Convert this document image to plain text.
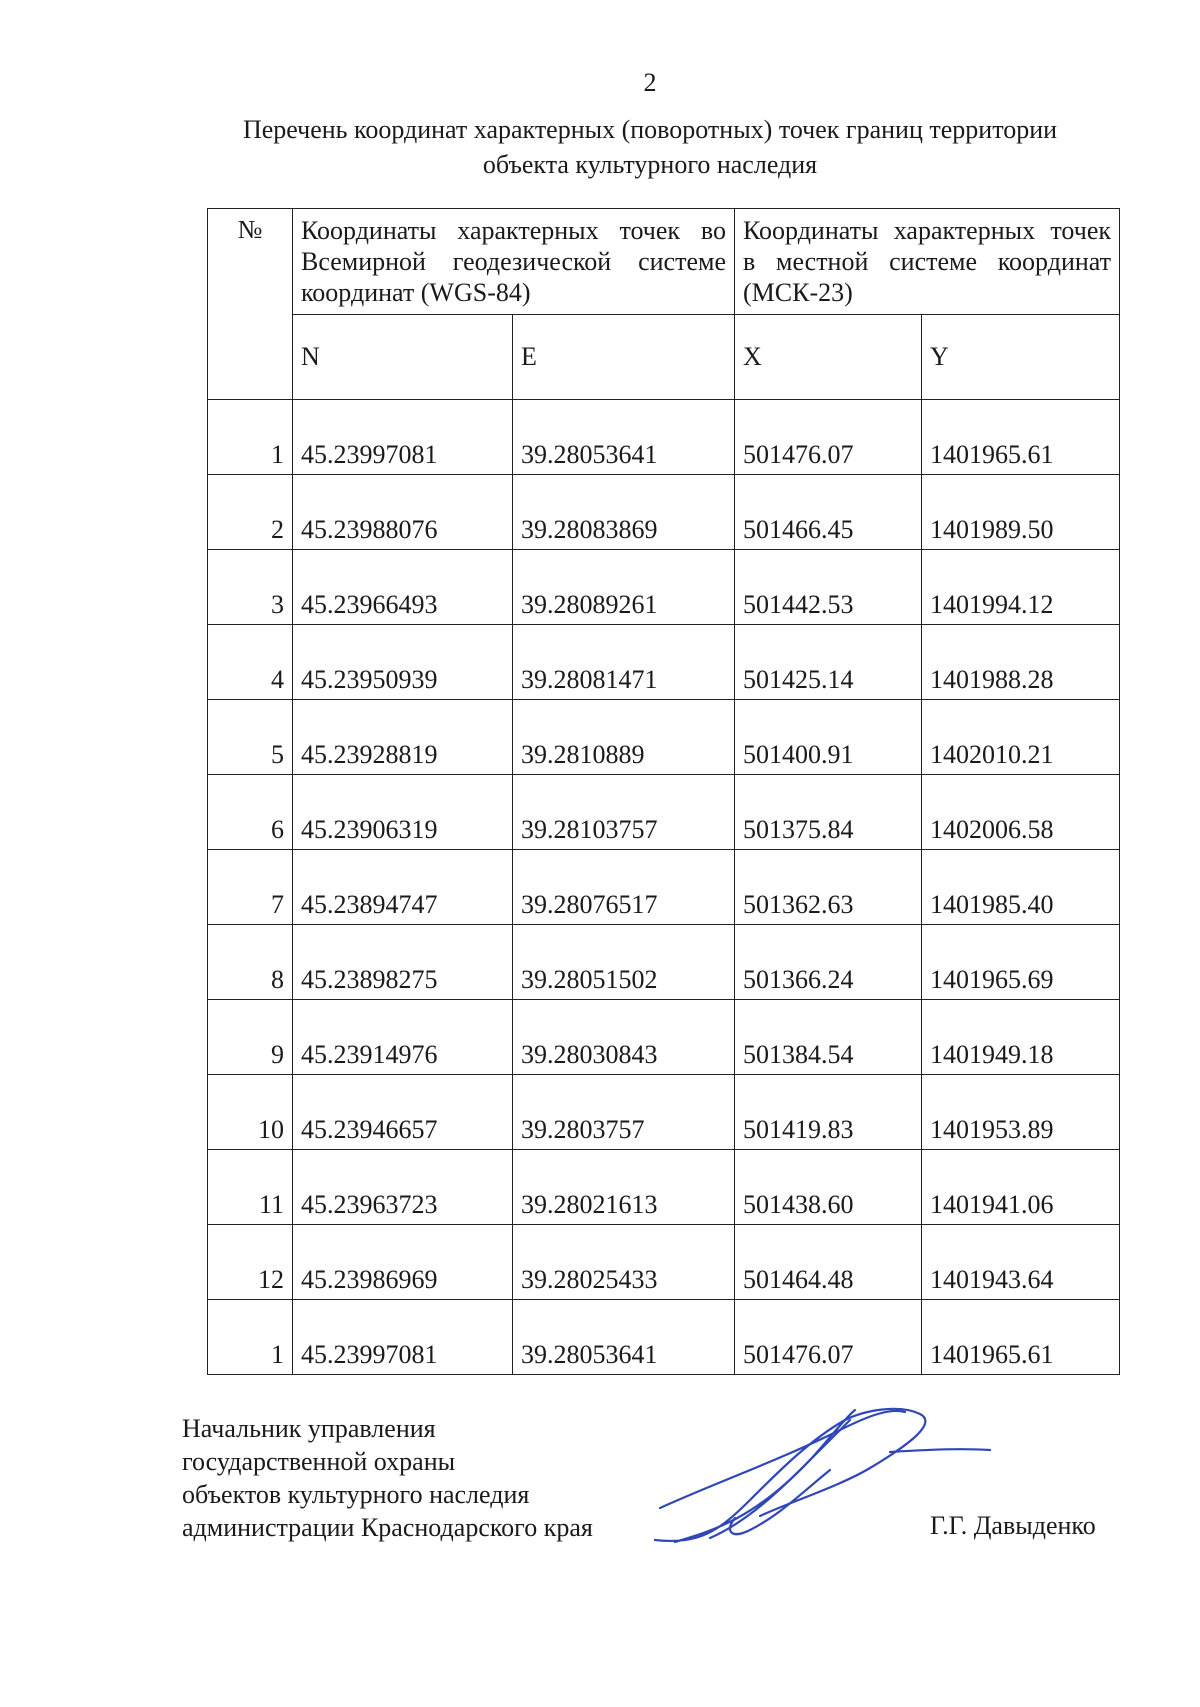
2
Перечень координат характерных (поворотных) точек границ территории
объекта культурного наследия
№	Координаты характерных точек во Всемирной геодезической системе координат (WGS-84)		Координаты характерных точек в местной системе координат (МСК-23)	
	N	E	X	Y
1	45.23997081	39.28053641	501476.07	1401965.61
2	45.23988076	39.28083869	501466.45	1401989.50
3	45.23966493	39.28089261	501442.53	1401994.12
4	45.23950939	39.28081471	501425.14	1401988.28
5	45.23928819	39.2810889	501400.91	1402010.21
6	45.23906319	39.28103757	501375.84	1402006.58
7	45.23894747	39.28076517	501362.63	1401985.40
8	45.23898275	39.28051502	501366.24	1401965.69
9	45.23914976	39.28030843	501384.54	1401949.18
10	45.23946657	39.2803757	501419.83	1401953.89
11	45.23963723	39.28021613	501438.60	1401941.06
12	45.23986969	39.28025433	501464.48	1401943.64
1	45.23997081	39.28053641	501476.07	1401965.61
Начальник управления
государственной охраны
объектов культурного наследия
администрации Краснодарского края	Г.Г. Давыденко
